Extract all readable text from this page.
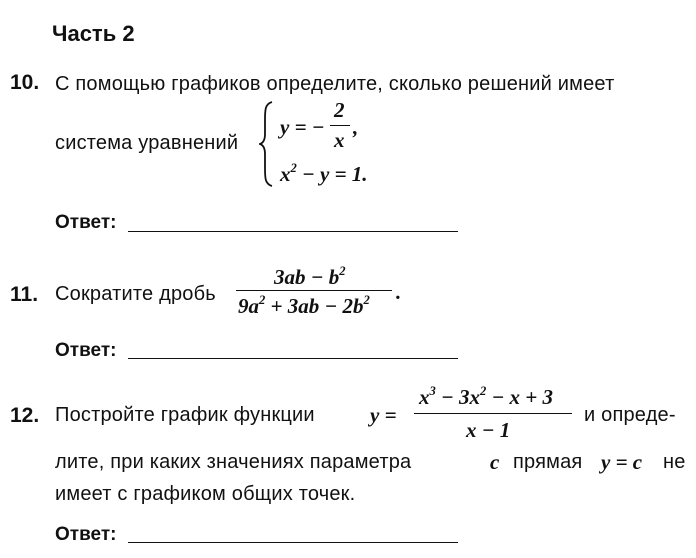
Часть 2
10. С помощью графиков определите, сколько решений имеет
система уравнений
y = −
2
x
,
$x^2 - y = 1$.
Ответ:
11. Сократите дробь
$3ab - b^2$
$9a^2 + 3ab - 2b^2$ .
Ответ:
12. Постройте график функции	y =
$x^3 - 3x^2 - x + 3$
x − 1
и опреде-
лите, при каких значениях параметра	c прямая y = c не
имеет с графиком общих точек.
Ответ:
